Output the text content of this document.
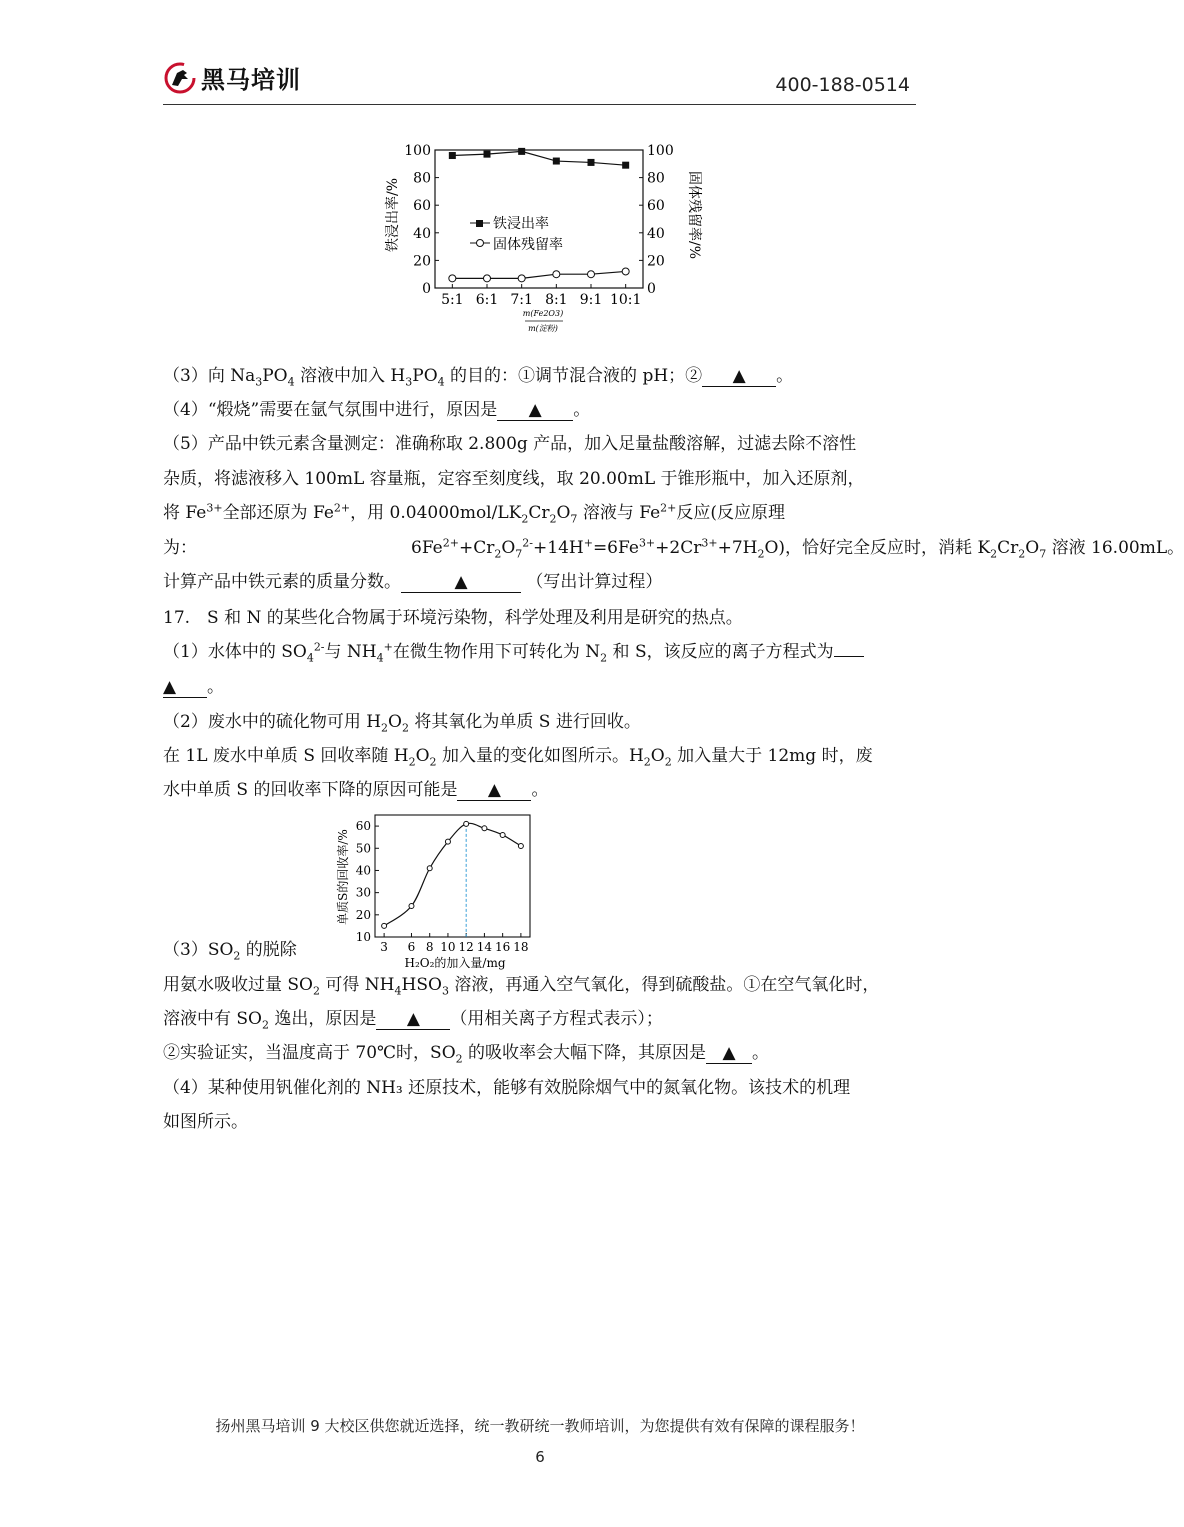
黑马培训	400-188-0514
0	0
20	20
40	40
60	60
80	80
100	100
5:1 6:1 7:1 8:1 9:1 10:1
铁浸出率/%	固体残留率/%
m(Fe2O3)
m(淀粉)
铁浸出率
固体残留率
（3）向 $Na_3PO_4$ 溶液中加入 $H_3PO_4$ 的目的：①调节混合液的 pH；② ▲ 。
（4）“煅烧”需要在氩气氛围中进行，原因是 ▲ 。
（5）产品中铁元素含量测定：准确称取 2.800g 产品，加入足量盐酸溶解，过滤去除不溶性
杂质，将滤液移入 100mL 容量瓶，定容至刻度线，取 20.00mL 于锥形瓶中，加入还原剂，
将 $Fe^{3+}$全部还原为 $Fe^{2+}$，用 $0.04000mol/LK_2Cr_2O_7$ 溶液与 $Fe^{2+}$反应(反应原理
为：	$6Fe^{2+}+Cr_2O_7^{2-}+14H^+=6Fe^{3+}+2Cr^{3+}+7H_2O$)，恰好完全反应时，消耗 $K_2Cr_2O_7$ 溶液 16.00mL。
计算产品中铁元素的质量分数。	▲	（写出计算过程）
17.　S 和 N 的某些化合物属于环境污染物，科学处理及利用是研究的热点。
（1）水体中的 $SO_4^{2-}$与 $NH_4^+$在微生物作用下可转化为 $N_2$ 和 S，该反应的离子方程式为
▲ 。
（2）废水中的硫化物可用 $H_2O_2$ 将其氧化为单质 S 进行回收。
在 1L 废水中单质 S 回收率随 $H_2O_2$ 加入量的变化如图所示。$H_2O_2$ 加入量大于 12mg 时，废
水中单质 S 的回收率下降的原因可能是 ▲ 。
10
20
30
40
50
60
3 6 8 10 12 14 16 18
单质S的回收率/%
H₂O₂的加入量/mg
$(3)SO_2$ 的脱除
用氨水吸收过量 $SO_2$ 可得 $NH_4HSO_3$ 溶液，再通入空气氧化，得到硫酸盐。①在空气氧化时，
溶液中有 $SO_2$ 逸出，原因是 ▲ （用相关离子方程式表示）；
②实验证实，当温度高于 70℃时，$SO_2$ 的吸收率会大幅下降，其原因是 ▲ 。
（4）某种使用钒催化剂的 NH₃ 还原技术，能够有效脱除烟气中的氮氧化物。该技术的机理
如图所示。
扬州黑马培训 9 大校区供您就近选择，统一教研统一教师培训，为您提供有效有保障的课程服务！
6
